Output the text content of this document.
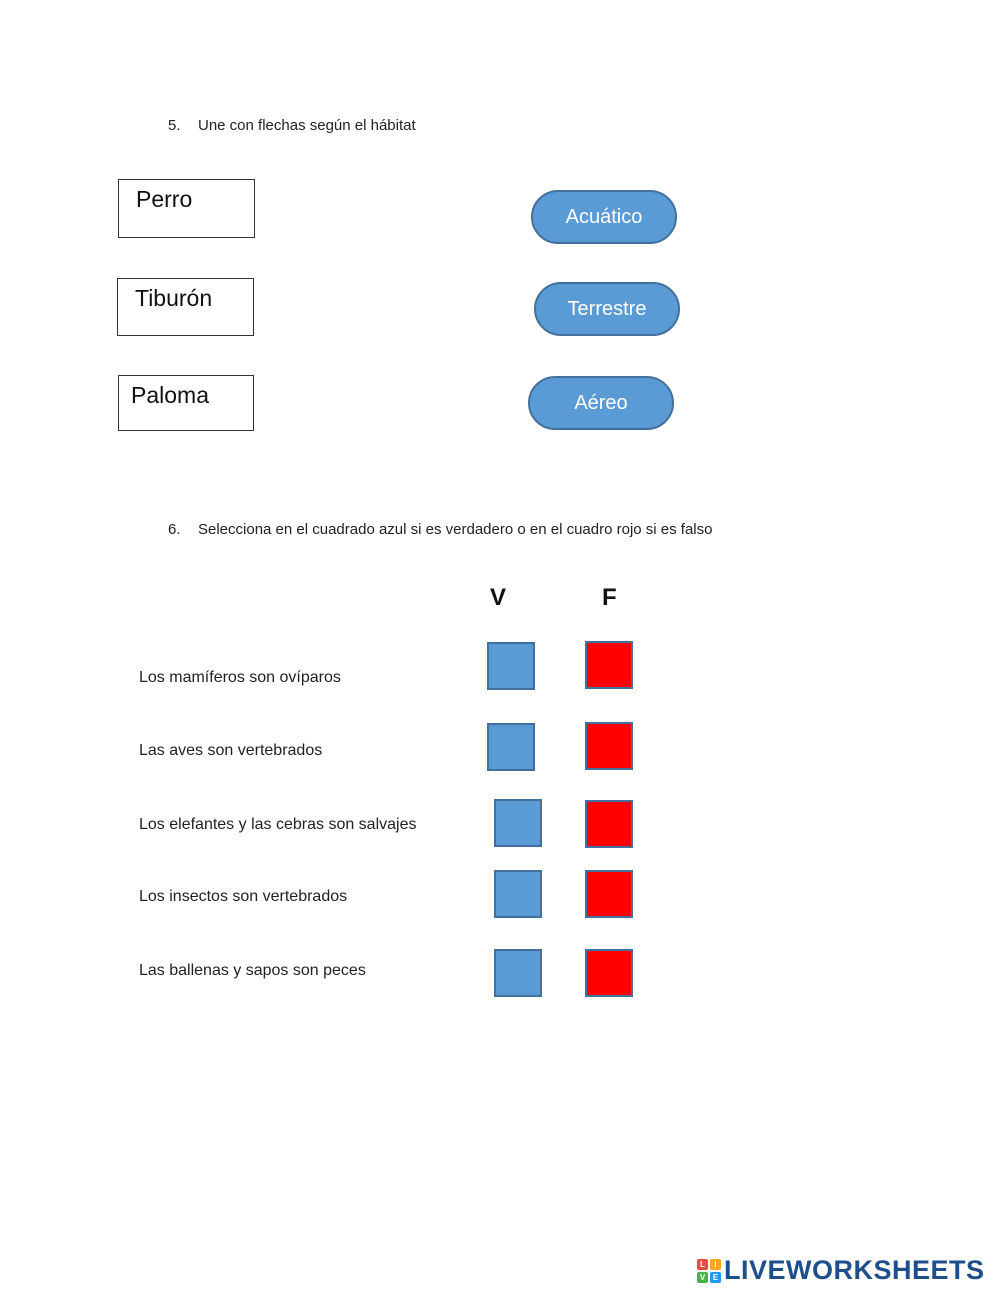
5. Une con flechas según el hábitat
Perro
Tiburón
Paloma
Acuático
Terrestre
Aéreo
6. Selecciona en el cuadrado azul si es verdadero o en el cuadro rojo si es falso
V	F
Los mamíferos son ovíparos
Las aves son vertebrados
Los elefantes y las cebras son salvajes
Los insectos son vertebrados
Las ballenas y sapos son peces
L	I
V E LIVEWORKSHEETS
